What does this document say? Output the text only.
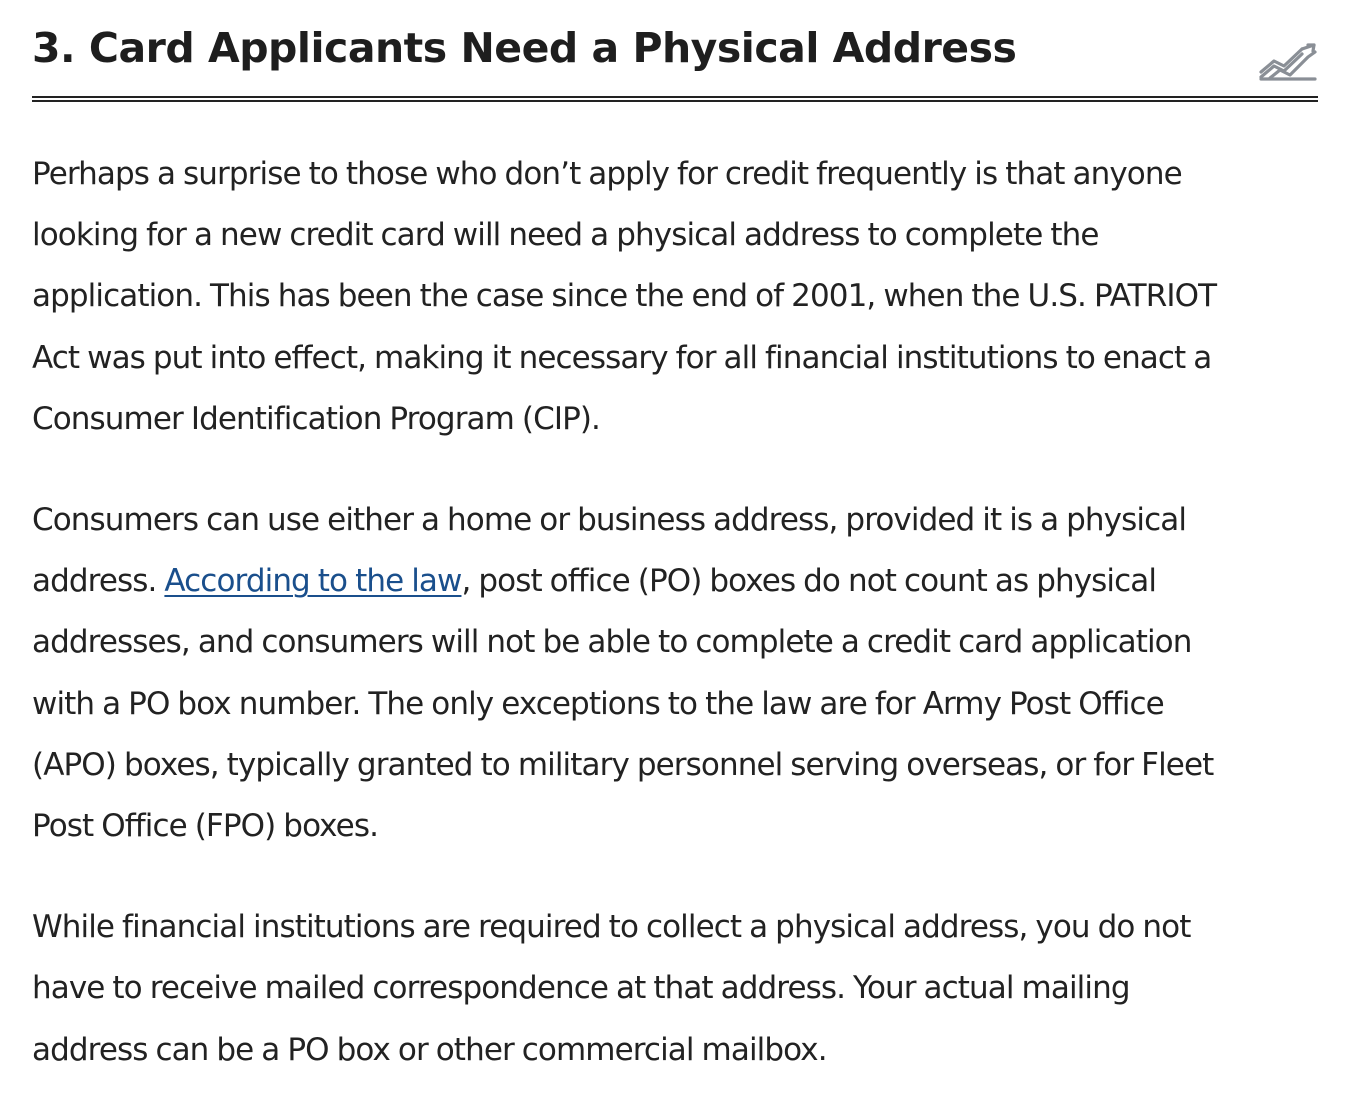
3. Card Applicants Need a Physical Address

Perhaps a surprise to those who don’t apply for credit frequently is that anyone
looking for a new credit card will need a physical address to complete the
application. This has been the case since the end of 2001, when the U.S. PATRIOT
Act was put into effect, making it necessary for all financial institutions to enact a
Consumer Identification Program (CIP).

Consumers can use either a home or business address, provided it is a physical
address. According to the law, post office (PO) boxes do not count as physical
addresses, and consumers will not be able to complete a credit card application
with a PO box number. The only exceptions to the law are for Army Post Office
(APO) boxes, typically granted to military personnel serving overseas, or for Fleet
Post Office (FPO) boxes.

While financial institutions are required to collect a physical address, you do not
have to receive mailed correspondence at that address. Your actual mailing
address can be a PO box or other commercial mailbox.
